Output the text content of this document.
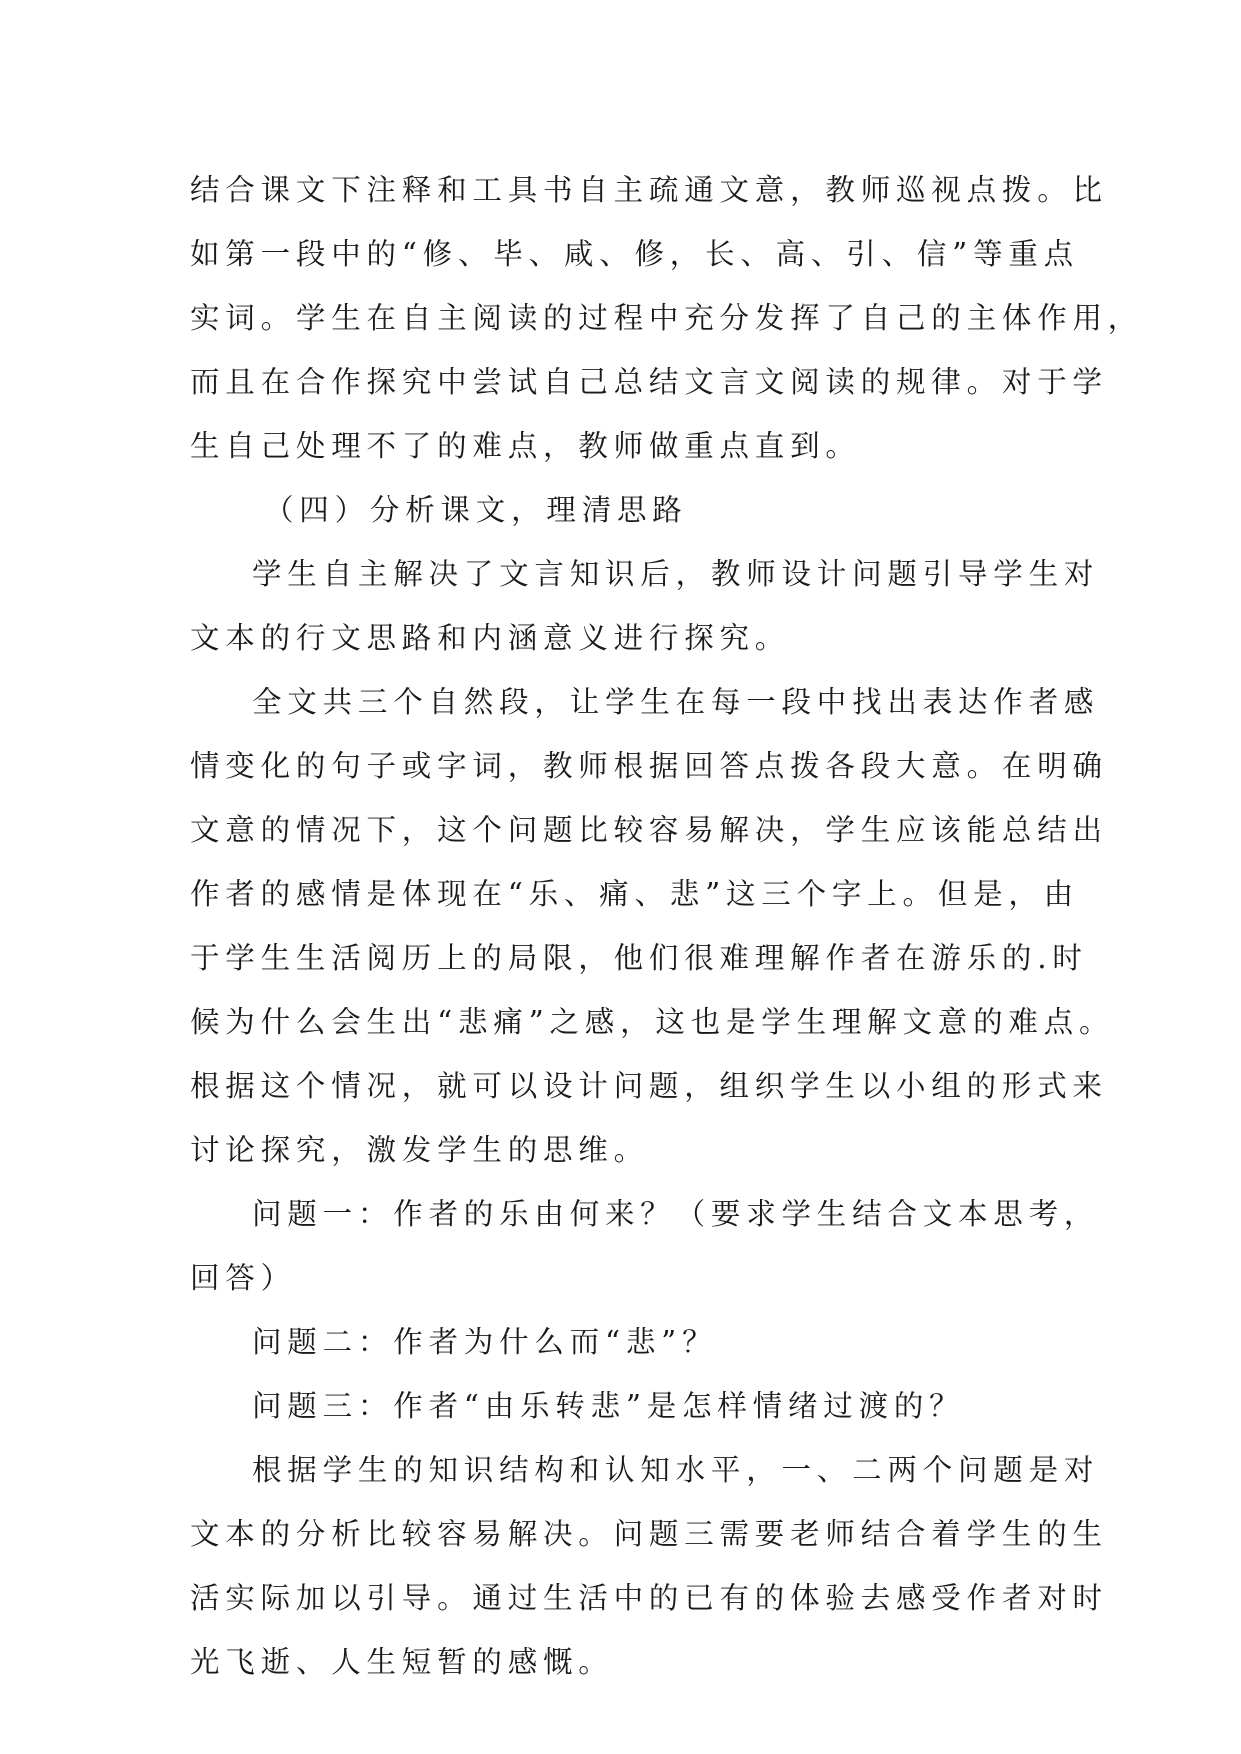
结合课文下注释和工具书自主疏通文意，教师巡视点拨。比
如第一段中的“修、毕、咸、修，长、高、引、信”等重点
实词。学生在自主阅读的过程中充分发挥了自己的主体作用，
而且在合作探究中尝试自己总结文言文阅读的规律。对于学
生自己处理不了的难点，教师做重点直到。
（四）分析课文，理清思路
学生自主解决了文言知识后，教师设计问题引导学生对
文本的行文思路和内涵意义进行探究。
全文共三个自然段，让学生在每一段中找出表达作者感
情变化的句子或字词，教师根据回答点拨各段大意。在明确
文意的情况下，这个问题比较容易解决，学生应该能总结出
作者的感情是体现在“乐、痛、悲”这三个字上。但是，由
于学生生活阅历上的局限，他们很难理解作者在游乐的.时
候为什么会生出“悲痛”之感，这也是学生理解文意的难点。
根据这个情况，就可以设计问题，组织学生以小组的形式来
讨论探究，激发学生的思维。
问题一：作者的乐由何来？（要求学生结合文本思考，
回答）
问题二：作者为什么而“悲”？
问题三：作者“由乐转悲”是怎样情绪过渡的？
根据学生的知识结构和认知水平，一、二两个问题是对
文本的分析比较容易解决。问题三需要老师结合着学生的生
活实际加以引导。通过生活中的已有的体验去感受作者对时
光飞逝、人生短暂的感慨。
